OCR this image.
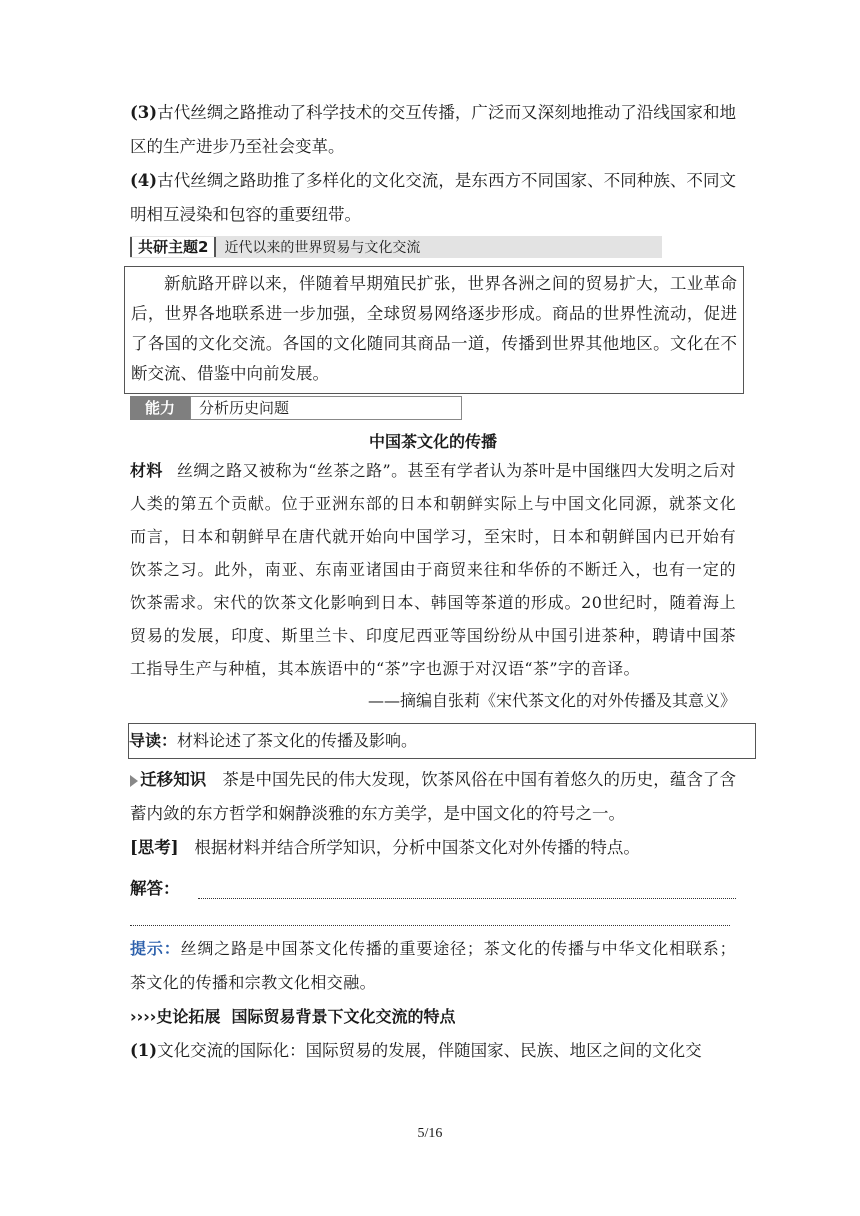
(3)古代丝绸之路推动了科学技术的交互传播，广泛而又深刻地推动了沿线国家和地区的生产进步乃至社会变革。

(4)古代丝绸之路助推了多样化的文化交流，是东西方不同国家、不同种族、不同文明相互浸染和包容的重要纽带。

共研主题2	近代以来的世界贸易与文化交流

新航路开辟以来，伴随着早期殖民扩张，世界各洲之间的贸易扩大，工业革命后，世界各地联系进一步加强，全球贸易网络逐步形成。商品的世界性流动，促进了各国的文化交流。各国的文化随同其商品一道，传播到世界其他地区。文化在不断交流、借鉴中向前发展。

能力	分析历史问题
中国茶文化的传播

材料 丝绸之路又被称为“丝茶之路”。甚至有学者认为茶叶是中国继四大发明之后对人类的第五个贡献。位于亚洲东部的日本和朝鲜实际上与中国文化同源，就茶文化而言，日本和朝鲜早在唐代就开始向中国学习，至宋时，日本和朝鲜国内已开始有饮茶之习。此外，南亚、东南亚诸国由于商贸来往和华侨的不断迁入，也有一定的饮茶需求。宋代的饮茶文化影响到日本、韩国等茶道的形成。20世纪时，随着海上贸易的发展，印度、斯里兰卡、印度尼西亚等国纷纷从中国引进茶种，聘请中国茶工指导生产与种植，其本族语中的“茶”字也源于对汉语“茶”字的音译。

——摘编自张莉《宋代茶文化的对外传播及其意义》

导读：材料论述了茶文化的传播及影响。

迁移知识 茶是中国先民的伟大发现，饮茶风俗在中国有着悠久的历史，蕴含了含蓄内敛的东方哲学和娴静淡雅的东方美学，是中国文化的符号之一。

[思考] 根据材料并结合所学知识，分析中国茶文化对外传播的特点。

解答：

提示：丝绸之路是中国茶文化传播的重要途径；茶文化的传播与中华文化相联系；茶文化的传播和宗教文化相交融。

››››史论拓展 国际贸易背景下文化交流的特点

(1)文化交流的国际化：国际贸易的发展，伴随国家、民族、地区之间的文化交

5/16
